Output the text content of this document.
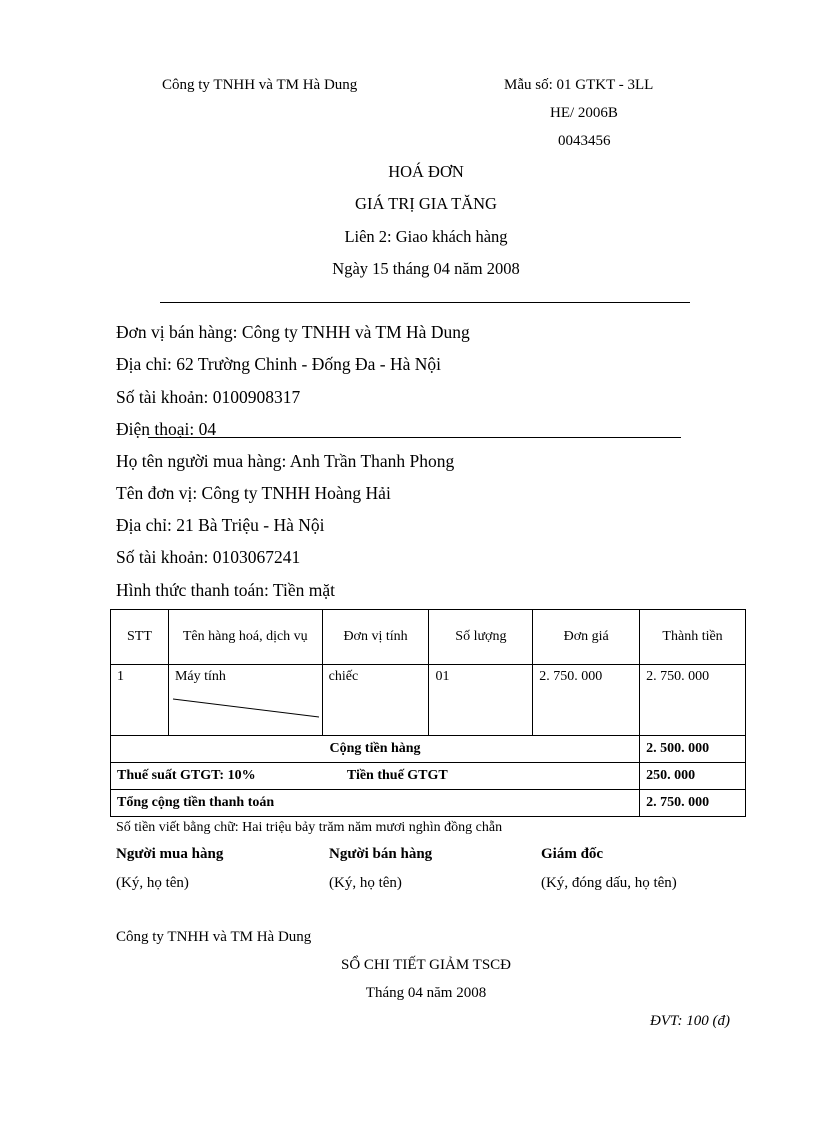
Công ty TNHH và TM Hà Dung	Mẫu số: 01 GTKT - 3LL
HE/ 2006B
0043456
HOÁ ĐƠN
GIÁ TRỊ GIA TĂNG
Liên 2: Giao khách hàng
Ngày 15 tháng 04 năm 2008
Đơn vị bán hàng: Công ty TNHH và TM Hà Dung
Địa chỉ: 62 Trường Chinh - Đống Đa - Hà Nội
Số tài khoản: 0100908317
Điện thoại: 04
Họ tên người mua hàng: Anh Trần Thanh Phong
Tên đơn vị: Công ty TNHH Hoàng Hải
Địa chỉ: 21 Bà Triệu - Hà Nội
Số tài khoản: 0103067241
Hình thức thanh toán: Tiền mặt
STT	Tên hàng hoá, dịch vụ	Đơn vị tính	Số lượng	Đơn giá	Thành tiền
1	Máy tính	chiếc	01	2. 750. 000	2. 750. 000
Cộng tiền hàng					2. 500. 000
Thuế suất GTGT: 10% Tiền thuế GTGT					250. 000
Tổng cộng tiền thanh toán					2. 750. 000
Số tiền viết bằng chữ: Hai triệu bảy trăm năm mươi nghìn đồng chẵn
Người mua hàng	Người bán hàng	Giám đốc
(Ký, họ tên)	(Ký, họ tên)	(Ký, đóng dấu, họ tên)
Công ty TNHH và TM Hà Dung
SỔ CHI TIẾT GIẢM TSCĐ
Tháng 04 năm 2008
ĐVT: 100 (đ)
